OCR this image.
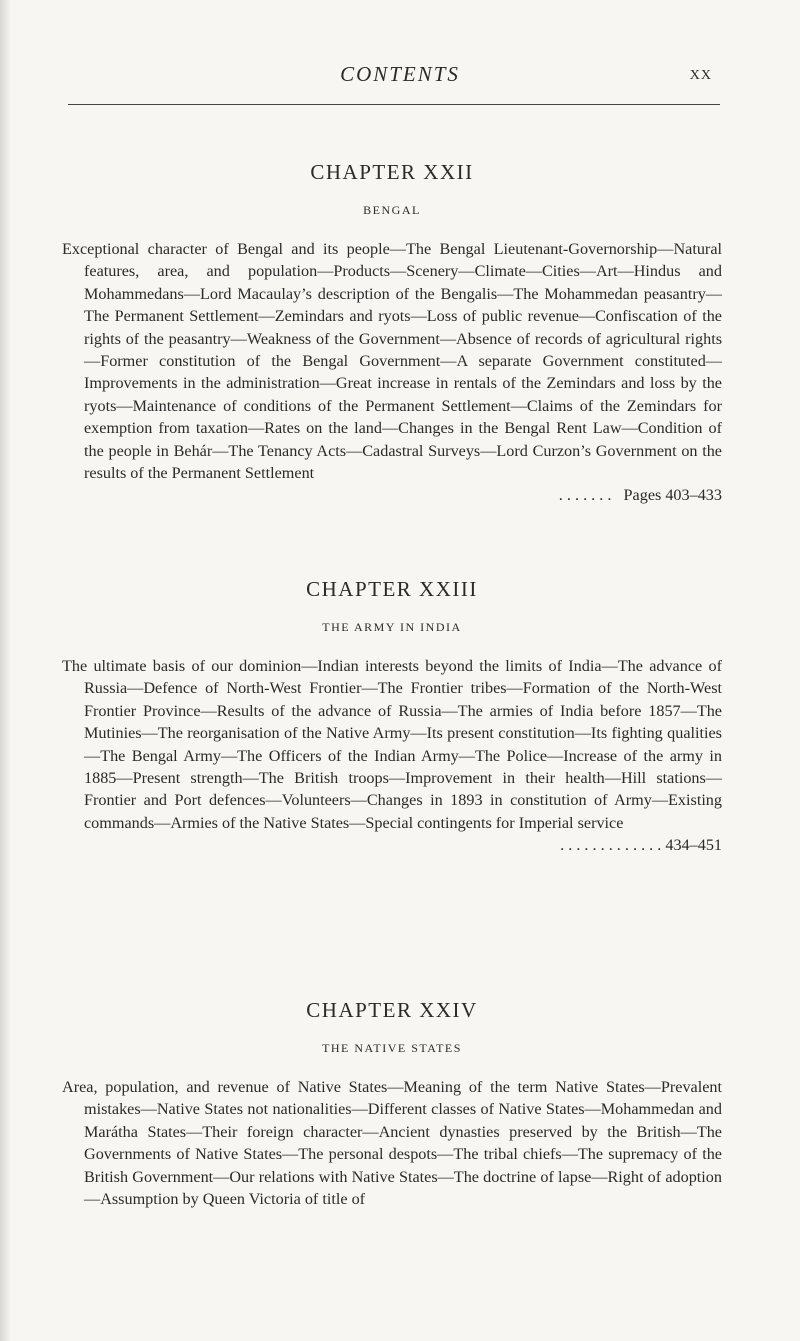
CONTENTS	XX
CHAPTER XXII
BENGAL

Exceptional character of Bengal and its people—The Bengal Lieutenant-Governorship—Natural features, area, and population—Products—Scenery—Climate—Cities—Art—Hindus and Mohammedans—Lord Macaulay’s description of the Bengalis—The Mohammedan peasantry—The Permanent Settlement—Zemindars and ryots—Loss of public revenue—Confiscation of the rights of the peasantry—Weakness of the Government—Absence of records of agricultural rights—Former constitution of the Bengal Government—A separate Government constituted—Improvements in the administration—Great increase in rentals of the Zemindars and loss by the ryots—Maintenance of conditions of the Permanent Settlement—Claims of the Zemindars for exemption from taxation—Rates on the land—Changes in the Bengal Rent Law—Condition of the people in Behár—The Tenancy Acts—Cadastral Surveys—Lord Curzon’s Government on the results of the Permanent Settlement
. . . . . . .   Pages 403–433

CHAPTER XXIII
THE ARMY IN INDIA

The ultimate basis of our dominion—Indian interests beyond the limits of India—The advance of Russia—Defence of North-West Frontier—The Frontier tribes—Formation of the North-West Frontier Province—Results of the advance of Russia—The armies of India before 1857—The Mutinies—The reorganisation of the Native Army—Its present constitution—Its fighting qualities—The Bengal Army—The Officers of the Indian Army—The Police—Increase of the army in 1885—Present strength—The British troops—Improvement in their health—Hill stations—Frontier and Port defences—Volunteers—Changes in 1893 in constitution of Army—Existing commands—Armies of the Native States—Special contingents for Imperial service
. . . . . . . . . . . . . 434–451

CHAPTER XXIV
THE NATIVE STATES

Area, population, and revenue of Native States—Meaning of the term Native States—Prevalent mistakes—Native States not nationalities—Different classes of Native States—Mohammedan and Marátha States—Their foreign character—Ancient dynasties preserved by the British—The Governments of Native States—The personal despots—The tribal chiefs—The supremacy of the British Government—Our relations with Native States—The doctrine of lapse—Right of adoption—Assumption by Queen Victoria of title of
